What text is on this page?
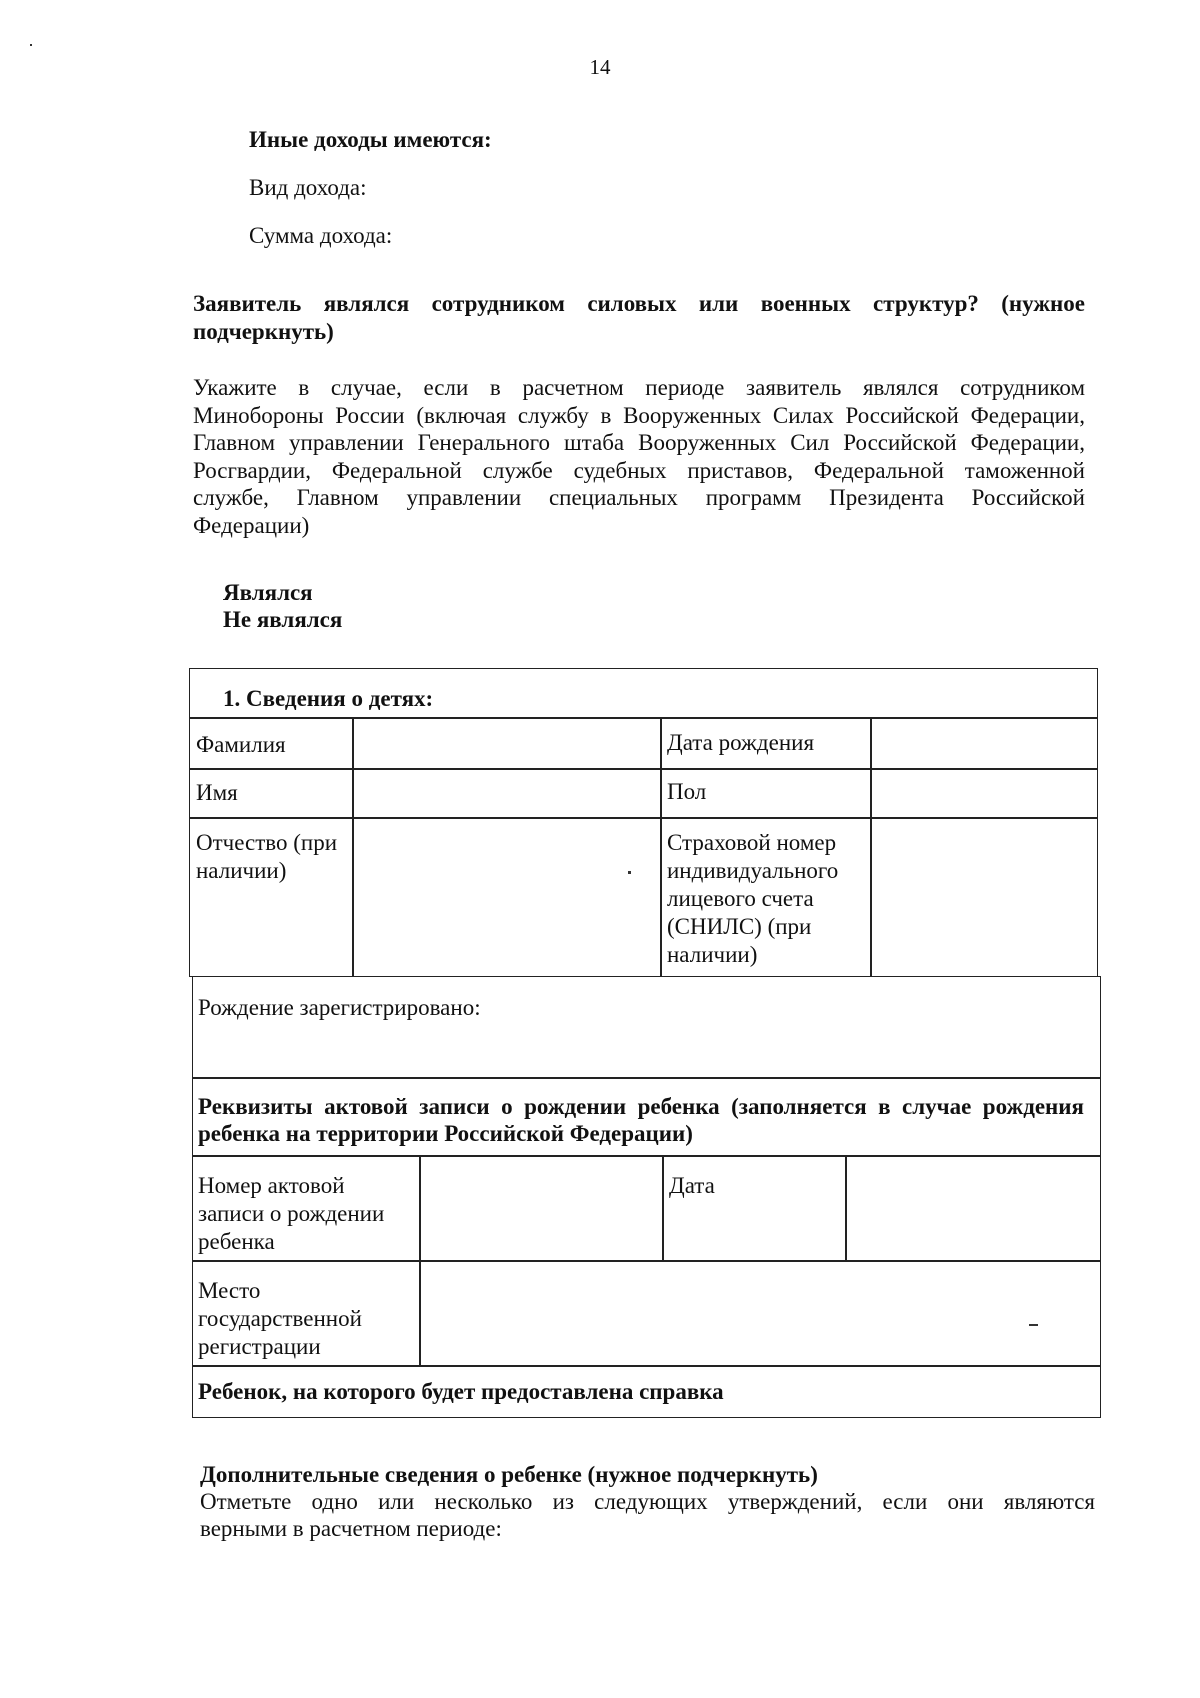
14
Иные доходы имеются:
Вид дохода:
Сумма дохода:
Заявитель являлся сотрудником силовых или военных структур? (нужное
подчеркнуть)
Укажите в случае, если в расчетном периоде заявитель являлся сотрудником
Минобороны России (включая службу в Вооруженных Силах Российской Федерации,
Главном управлении Генерального штаба Вооруженных Сил Российской Федерации,
Росгвардии, Федеральной службе судебных приставов, Федеральной таможенной
службе, Главном управлении специальных программ Президента Российской
Федерации)
Являлся
Не являлся
1. Сведения о детях:
Фамилия	Дата рождения
Имя	Пол
Отчество (при
наличии)
Страховой номер
индивидуального
лицевого счета
(СНИЛС) (при
наличии)
Рождение зарегистрировано:
Реквизиты актовой записи о рождении ребенка (заполняется в случае рождения
ребенка на территории Российской Федерации)
Номер актовой
записи о рождении
ребенка
Дата
Место
государственной
регистрации
Ребенок, на которого будет предоставлена справка
Дополнительные сведения о ребенке (нужное подчеркнуть)
Отметьте одно или несколько из следующих утверждений, если они являются
верными в расчетном периоде:
